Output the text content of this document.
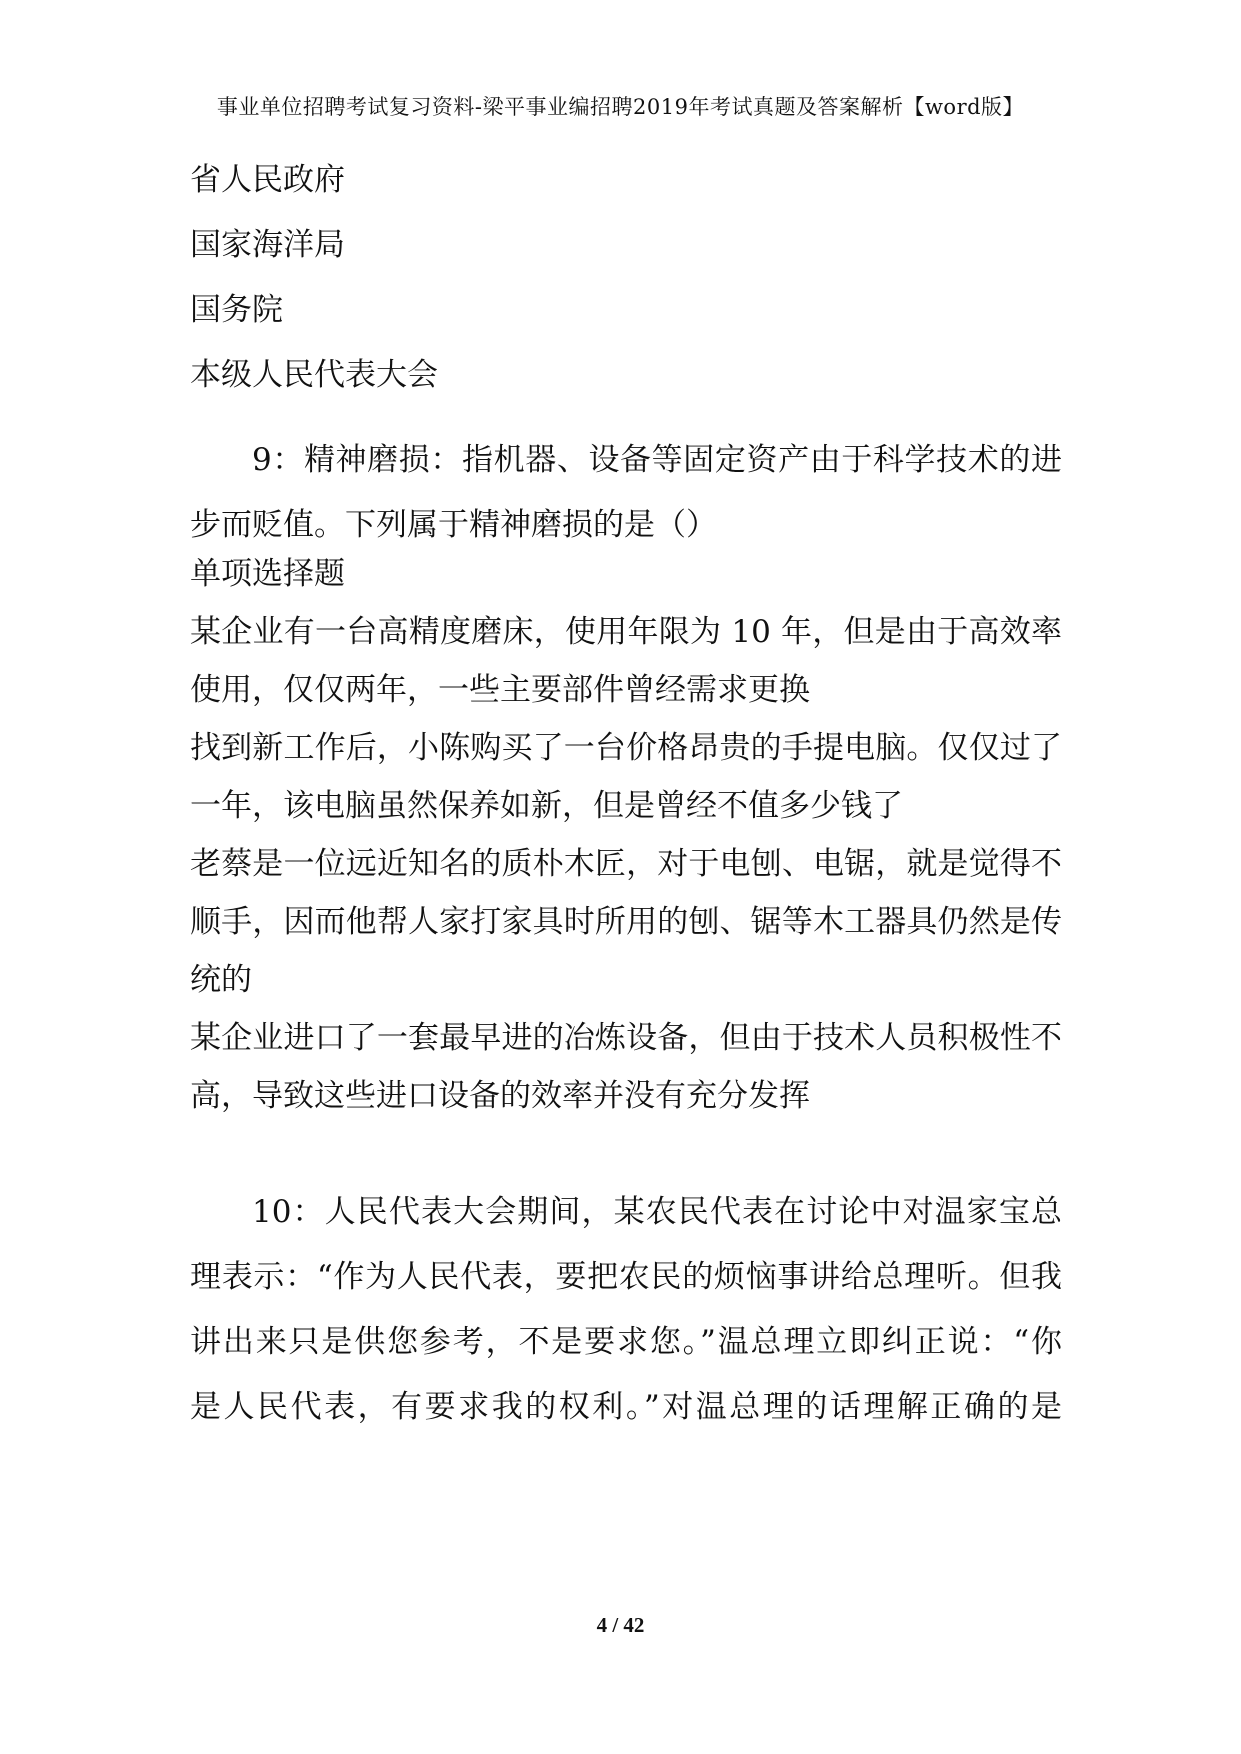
事业单位招聘考试复习资料-梁平事业编招聘2019年考试真题及答案解析【word版】
省人民政府
国家海洋局
国务院
本级人民代表大会
9：精神磨损：指机器、设备等固定资产由于科学技术的进
步而贬值。下列属于精神磨损的是（）
单项选择题
某企业有一台高精度磨床，使用年限为 10 年，但是由于高效率
使用，仅仅两年，一些主要部件曾经需求更换
找到新工作后，小陈购买了一台价格昂贵的手提电脑。仅仅过了
一年，该电脑虽然保养如新，但是曾经不值多少钱了
老蔡是一位远近知名的质朴木匠，对于电刨、电锯，就是觉得不
顺手，因而他帮人家打家具时所用的刨、锯等木工器具仍然是传
统的
某企业进口了一套最早进的冶炼设备，但由于技术人员积极性不
高，导致这些进口设备的效率并没有充分发挥
10：人民代表大会期间，某农民代表在讨论中对温家宝总
理表示：“作为人民代表，要把农民的烦恼事讲给总理听。但我
讲出来只是供您参考，不是要求您。”温总理立即纠正说：“你
是人民代表，有要求我的权利。”对温总理的话理解正确的是
4 / 42
